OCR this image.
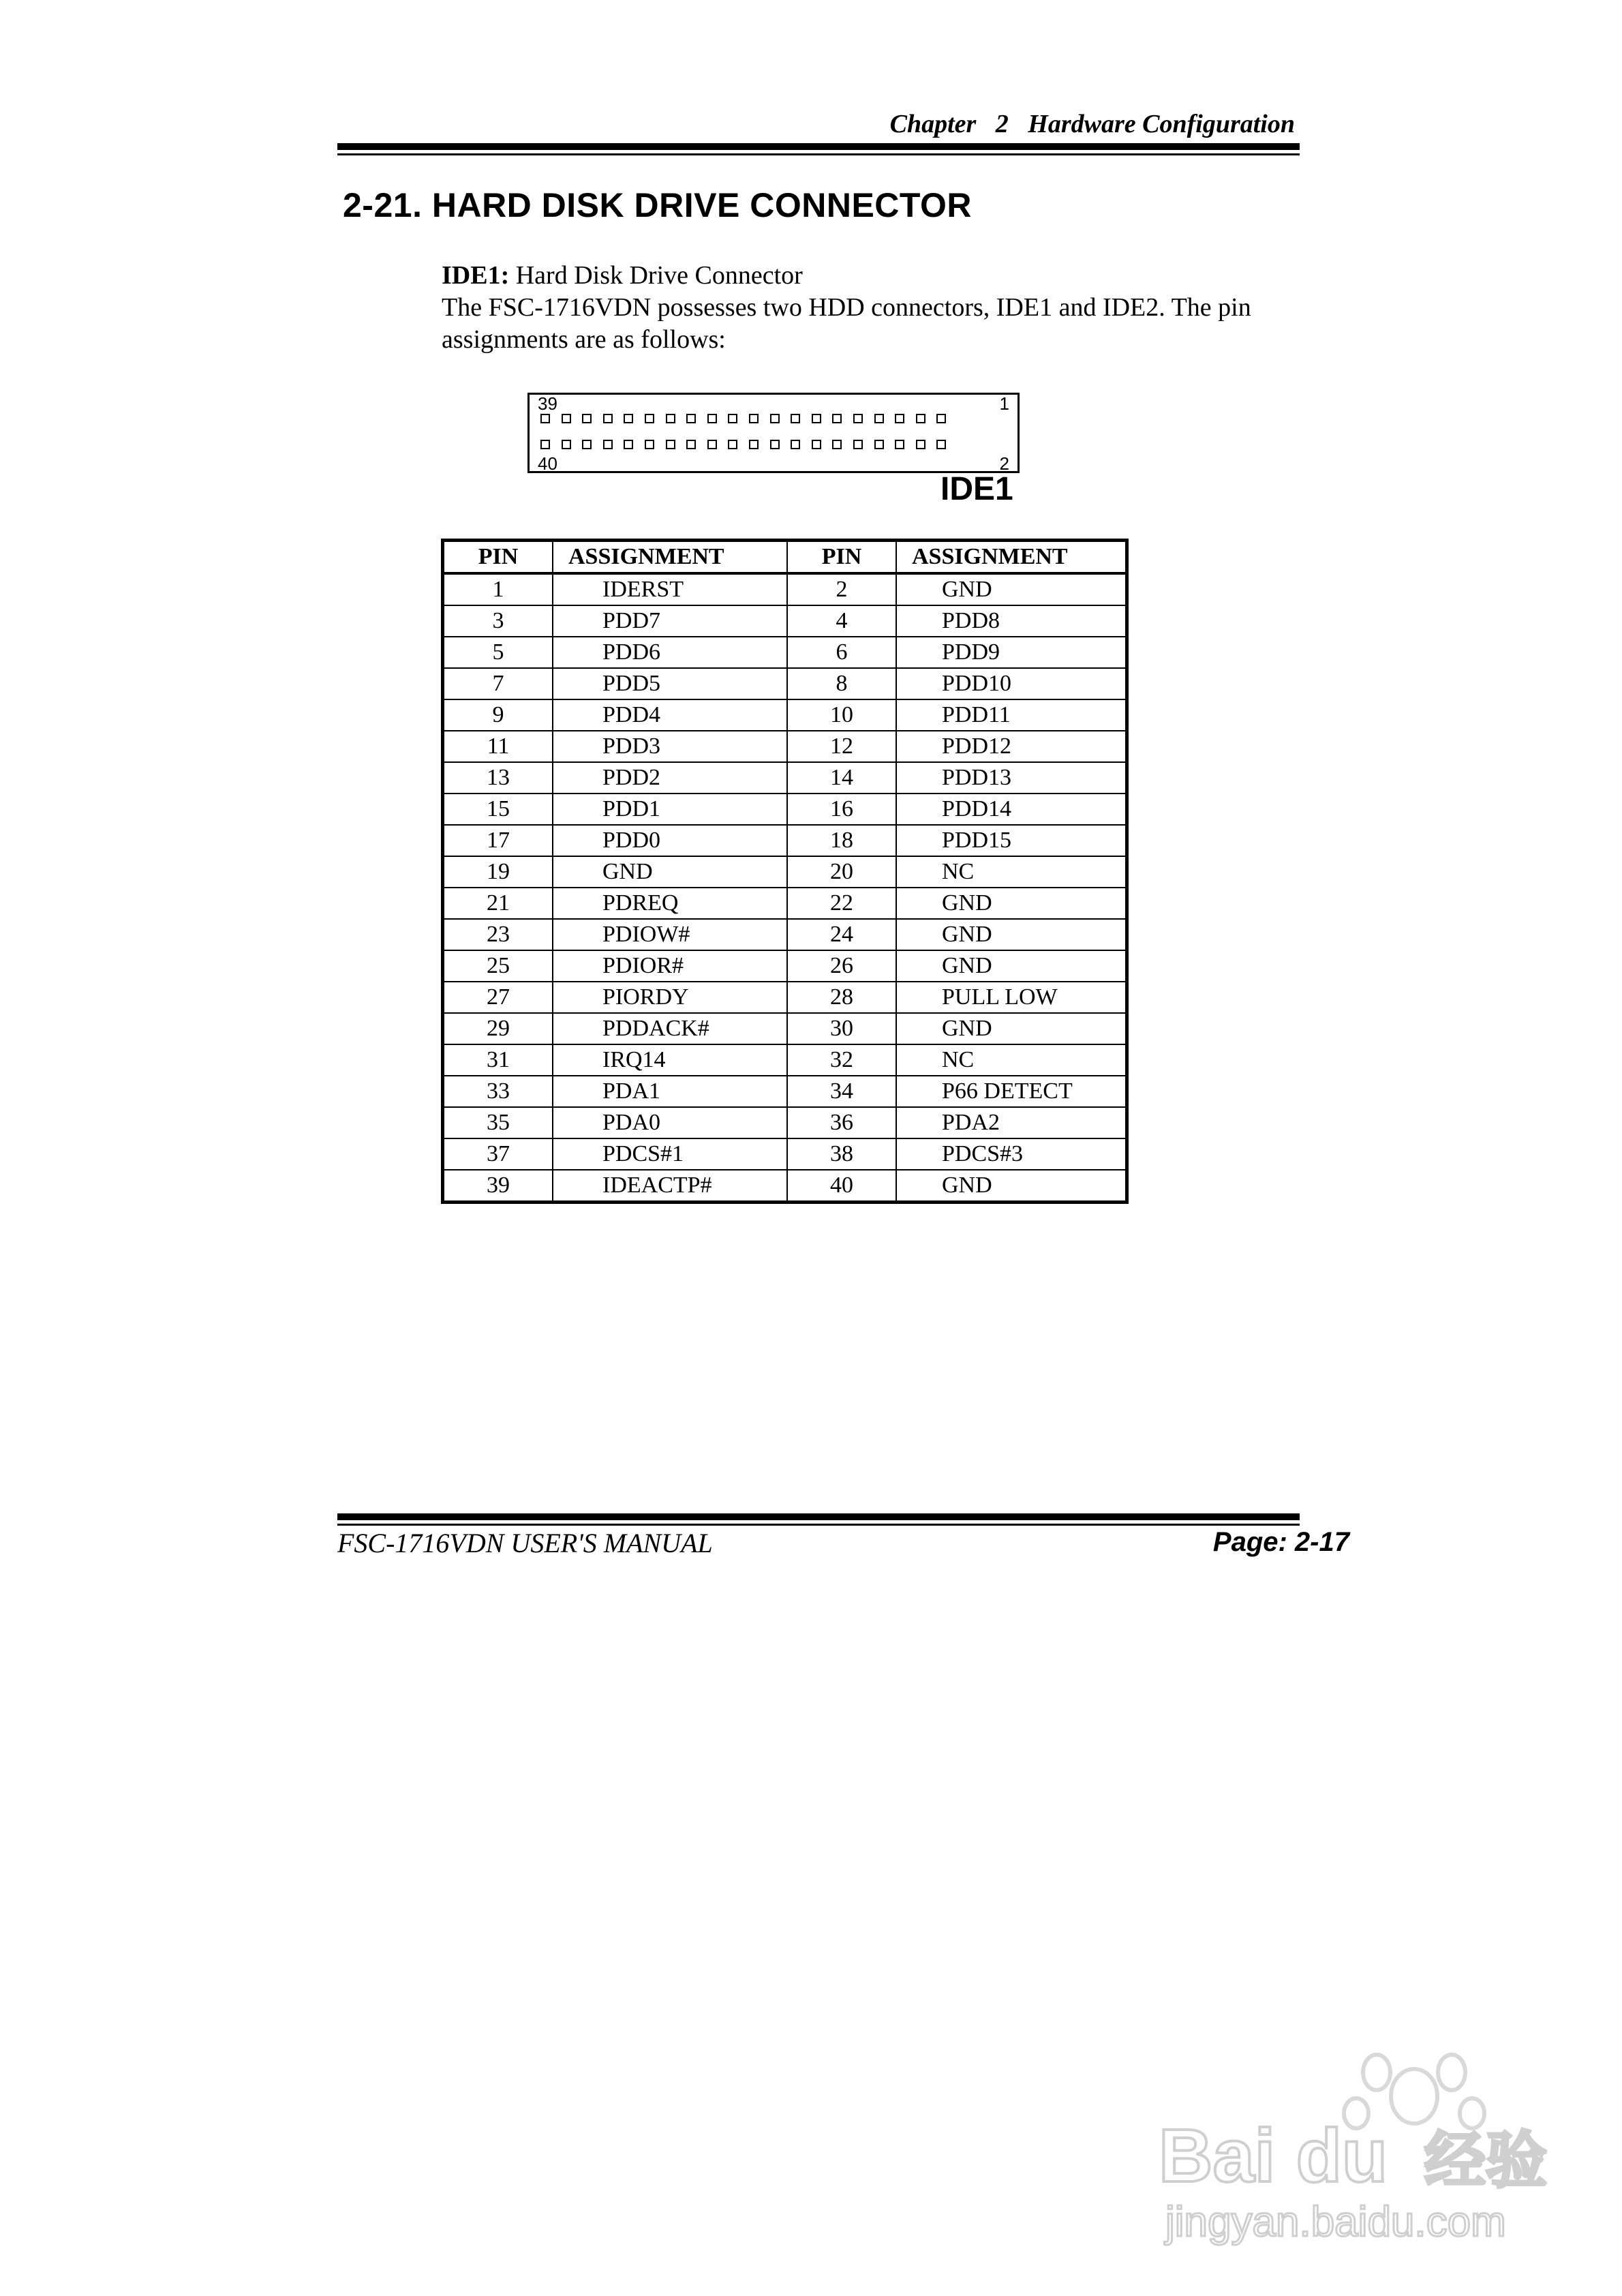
Chapter   2   Hardware Configuration
2-21. HARD DISK DRIVE CONNECTOR
IDE1: Hard Disk Drive Connector
The FSC-1716VDN possesses two HDD connectors, IDE1 and IDE2. The pin
assignments are as follows:
39	1
40	2
IDE1
PIN	ASSIGNMENT	PIN	ASSIGNMENT
1	IDERST	2	GND
3	PDD7	4	PDD8
5	PDD6	6	PDD9
7	PDD5	8	PDD10
9	PDD4	10	PDD11
11	PDD3	12	PDD12
13	PDD2	14	PDD13
15	PDD1	16	PDD14
17	PDD0	18	PDD15
19	GND	20	NC
21	PDREQ	22	GND
23	PDIOW#	24	GND
25	PDIOR#	26	GND
27	PIORDY	28	PULL LOW
29	PDDACK#	30	GND
31	IRQ14	32	NC
33	PDA1	34	P66 DETECT
35	PDA0	36	PDA2
37	PDCS#1	38	PDCS#3
39	IDEACTP#	40	GND
FSC-1716VDN USER'S MANUAL	Page: 2-17
Bai du 经验
jingyan.baidu.com
